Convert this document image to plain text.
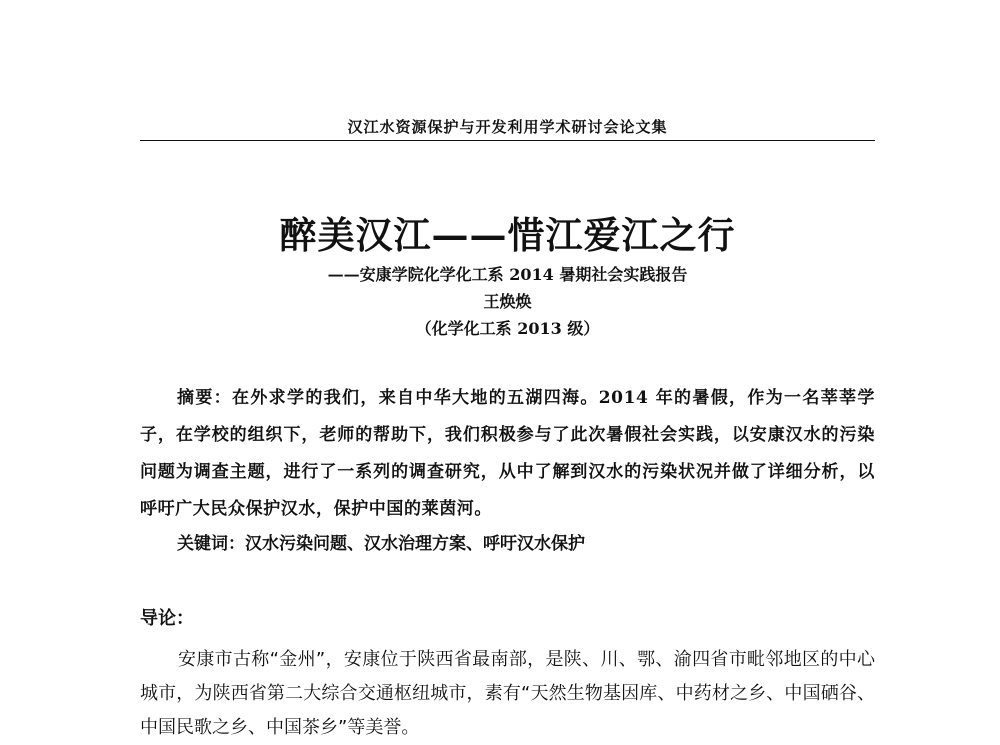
汉江水资源保护与开发利用学术研讨会论文集
醉美汉江——惜江爱江之行
——安康学院化学化工系 2014 暑期社会实践报告
王焕焕
（化学化工系 2013 级）
摘要：在外求学的我们，来自中华大地的五湖四海。2014 年的暑假，作为一名莘莘学子，在学校的组织下，老师的帮助下，我们积极参与了此次暑假社会实践，以安康汉水的污染问题为调查主题，进行了一系列的调查研究，从中了解到汉水的污染状况并做了详细分析，以呼吁广大民众保护汉水，保护中国的莱茵河。
关键词：汉水污染问题、汉水治理方案、呼吁汉水保护
导论：
安康市古称“金州”，安康位于陕西省最南部，是陕、川、鄂、渝四省市毗邻地区的中心城市，为陕西省第二大综合交通枢纽城市，素有“天然生物基因库、中药材之乡、中国硒谷、中国民歌之乡、中国茶乡”等美誉。
